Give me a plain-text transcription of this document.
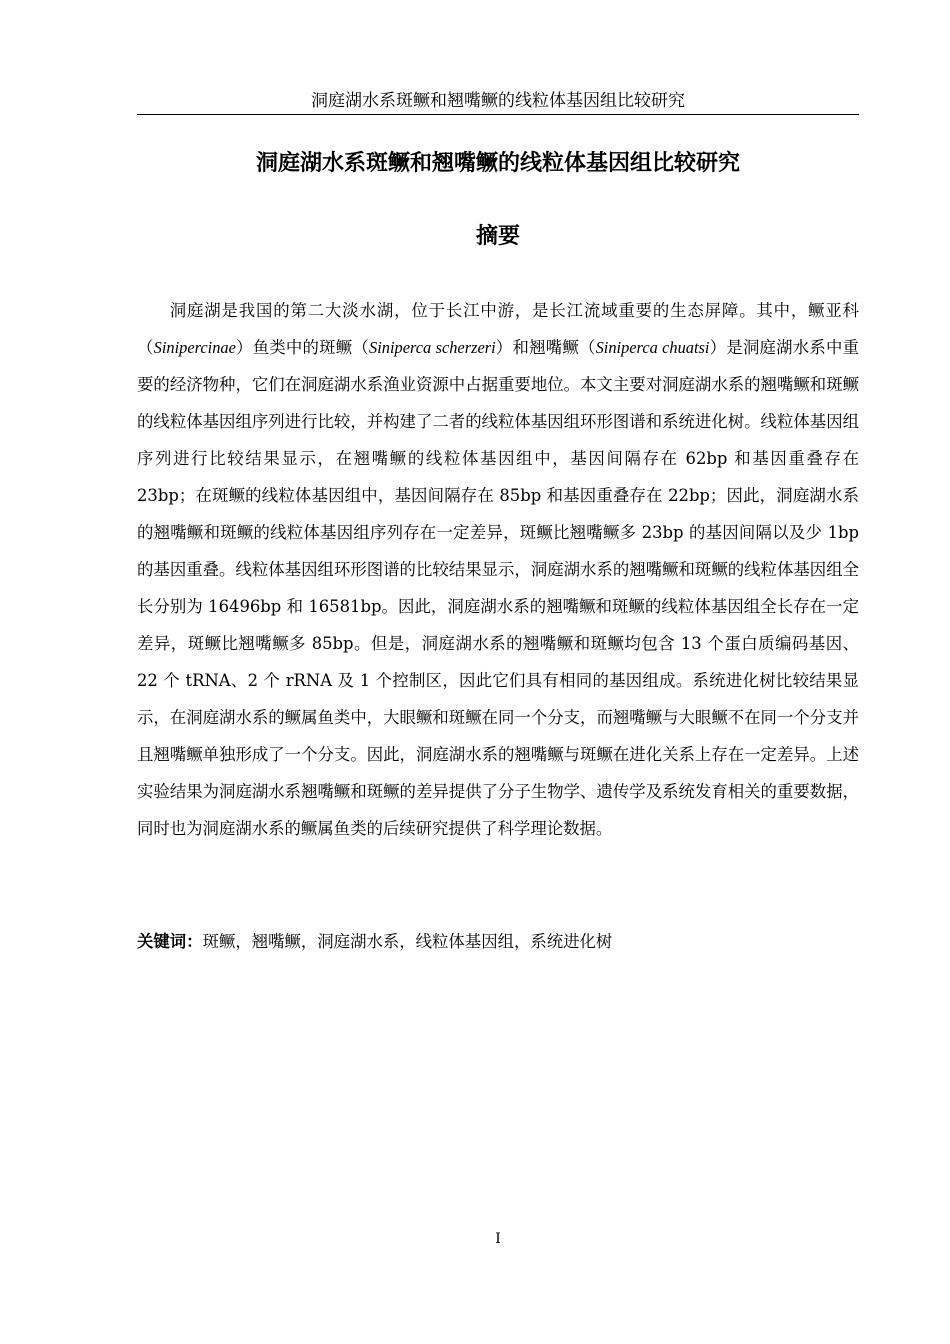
洞庭湖水系斑鳜和翘嘴鳜的线粒体基因组比较研究
洞庭湖水系斑鳜和翘嘴鳜的线粒体基因组比较研究
摘要

洞庭湖是我国的第二大淡水湖，位于长江中游，是长江流域重要的生态屏障。其中，鳜亚科（Sinipercinae）鱼类中的斑鳜（Siniperca scherzeri）和翘嘴鳜（Siniperca chuatsi）是洞庭湖水系中重要的经济物种，它们在洞庭湖水系渔业资源中占据重要地位。本文主要对洞庭湖水系的翘嘴鳜和斑鳜的线粒体基因组序列进行比较，并构建了二者的线粒体基因组环形图谱和系统进化树。线粒体基因组序列进行比较结果显示，在翘嘴鳜的线粒体基因组中，基因间隔存在 62bp 和基因重叠存在 23bp；在斑鳜的线粒体基因组中，基因间隔存在 85bp 和基因重叠存在 22bp；因此，洞庭湖水系的翘嘴鳜和斑鳜的线粒体基因组序列存在一定差异，斑鳜比翘嘴鳜多 23bp 的基因间隔以及少 1bp 的基因重叠。线粒体基因组环形图谱的比较结果显示，洞庭湖水系的翘嘴鳜和斑鳜的线粒体基因组全长分别为 16496bp 和 16581bp。因此，洞庭湖水系的翘嘴鳜和斑鳜的线粒体基因组全长存在一定差异，斑鳜比翘嘴鳜多 85bp。但是，洞庭湖水系的翘嘴鳜和斑鳜均包含 13 个蛋白质编码基因、22 个 tRNA、2 个 rRNA 及 1 个控制区，因此它们具有相同的基因组成。系统进化树比较结果显示，在洞庭湖水系的鳜属鱼类中，大眼鳜和斑鳜在同一个分支，而翘嘴鳜与大眼鳜不在同一个分支并且翘嘴鳜单独形成了一个分支。因此，洞庭湖水系的翘嘴鳜与斑鳜在进化关系上存在一定差异。上述实验结果为洞庭湖水系翘嘴鳜和斑鳜的差异提供了分子生物学、遗传学及系统发育相关的重要数据，同时也为洞庭湖水系的鳜属鱼类的后续研究提供了科学理论数据。

关键词：斑鳜，翘嘴鳜，洞庭湖水系，线粒体基因组，系统进化树
I
